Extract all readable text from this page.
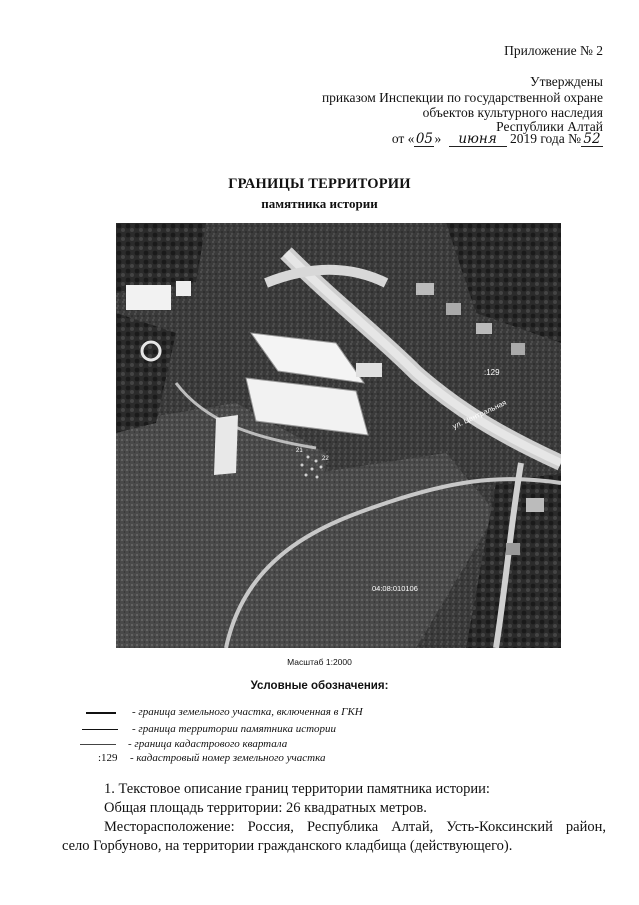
Приложение № 2
Утверждены
приказом Инспекции по государственной охране
объектов культурного наследия
Республики Алтай
от «05» июня 2019 года № 52
ГРАНИЦЫ ТЕРРИТОРИИ
памятника истории
:129
ул. Центральная
04:08:010106
21
22
Масштаб 1:2000
Условные обозначения:
- граница земельного участка, включенная в ГКН
- граница территории памятника истории
- граница кадастрового квартала
:129 - кадастровый номер земельного участка
1. Текстовое описание границ территории памятника истории:
Общая площадь территории: 26 квадратных метров.
Месторасположение: Россия, Республика Алтай, Усть-Коксинский район,
село Горбуново, на территории гражданского кладбища (действующего).
